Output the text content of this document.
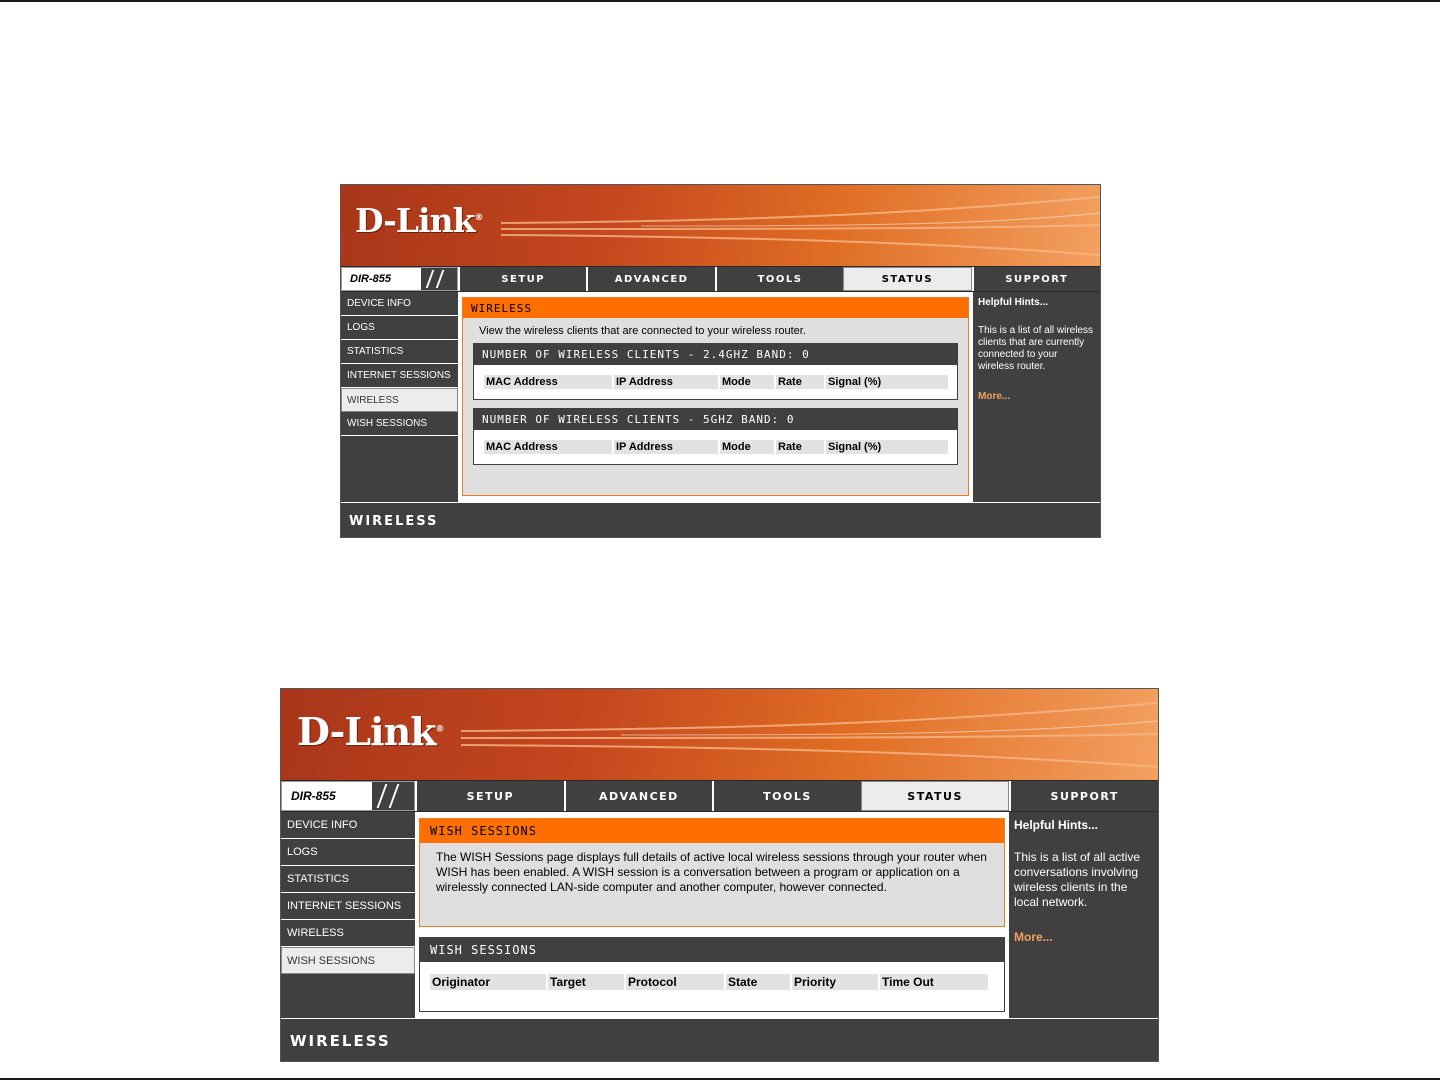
D-Link®
DIR-855	SETUP	ADVANCED	TOOLS	STATUS	SUPPORT
DEVICE INFO
LOGS
STATISTICS
INTERNET SESSIONS
WIRELESS
WISH SESSIONS
WIRELESS
View the wireless clients that are connected to your wireless router.
NUMBER OF WIRELESS CLIENTS - 2.4GHZ BAND: 0
MAC Address	IP Address	Mode	Rate	Signal (%)
NUMBER OF WIRELESS CLIENTS - 5GHZ BAND: 0
MAC Address	IP Address	Mode	Rate	Signal (%)
Helpful Hints...
This is a list of all wireless clients that are currently connected to your wireless router.
More...
WIRELESS
D-Link®
DIR-855	SETUP	ADVANCED	TOOLS	STATUS	SUPPORT
DEVICE INFO
LOGS
STATISTICS
INTERNET SESSIONS
WIRELESS
WISH SESSIONS
WISH SESSIONS
The WISH Sessions page displays full details of active local wireless sessions through your router when WISH has been enabled. A WISH session is a conversation between a program or application on a wirelessly connected LAN-side computer and another computer, however connected.
WISH SESSIONS
Originator	Target	Protocol	State	Priority	Time Out
Helpful Hints...
This is a list of all active conversations involving wireless clients in the local network.
More...
WIRELESS
